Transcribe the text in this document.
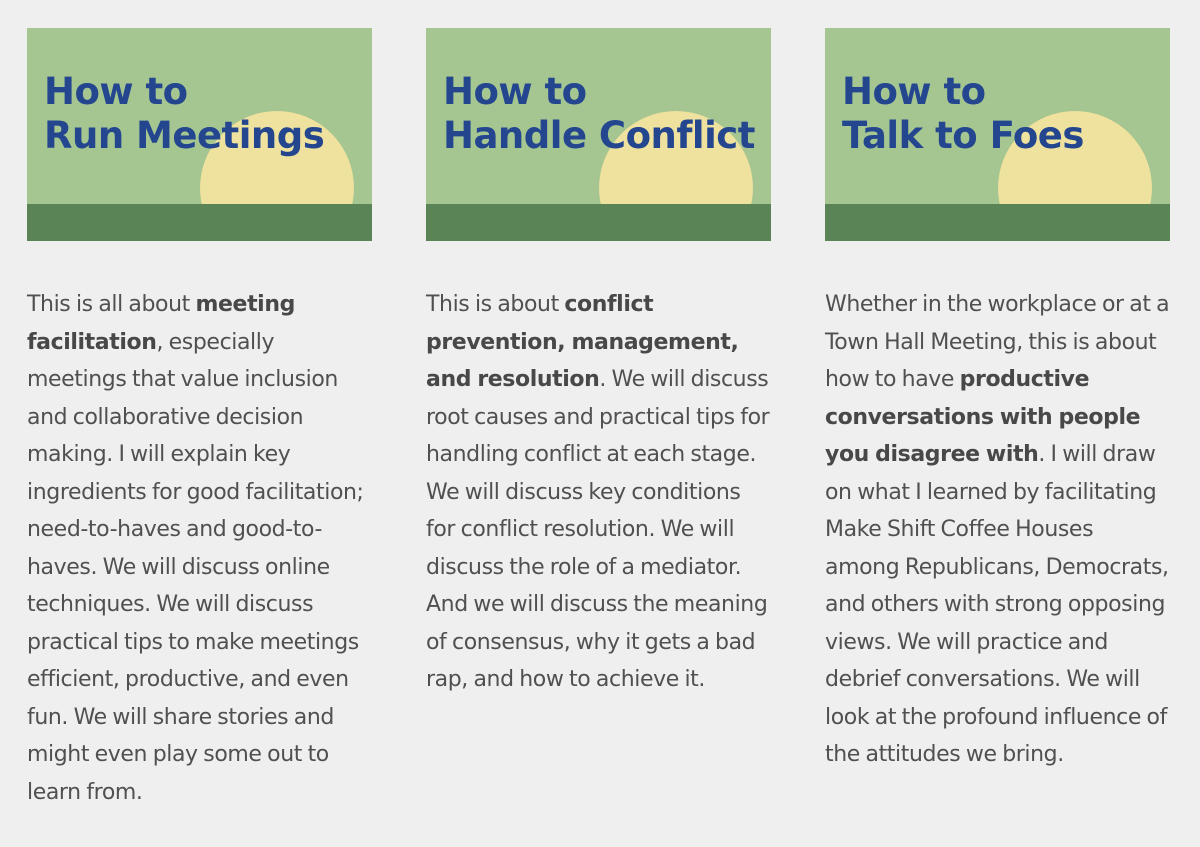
How to
Run Meetings

This is all about meeting facilitation, especially meetings that value inclusion and collaborative decision making. I will explain key ingredients for good facilitation; need-to-haves and good-to-haves. We will discuss online techniques. We will discuss practical tips to make meetings efficient, productive, and even fun. We will share stories and might even play some out to learn from.

How to
Handle Conflict

This is about conflict prevention, management, and resolution. We will discuss root causes and practical tips for handling conflict at each stage. We will discuss key conditions for conflict resolution. We will discuss the role of a mediator. And we will discuss the meaning of consensus, why it gets a bad rap, and how to achieve it.

How to
Talk to Foes

Whether in the workplace or at a Town Hall Meeting, this is about how to have productive conversations with people you disagree with. I will draw on what I learned by facilitating Make Shift Coffee Houses among Republicans, Democrats, and others with strong opposing views. We will practice and debrief conversations. We will look at the profound influence of the attitudes we bring.
